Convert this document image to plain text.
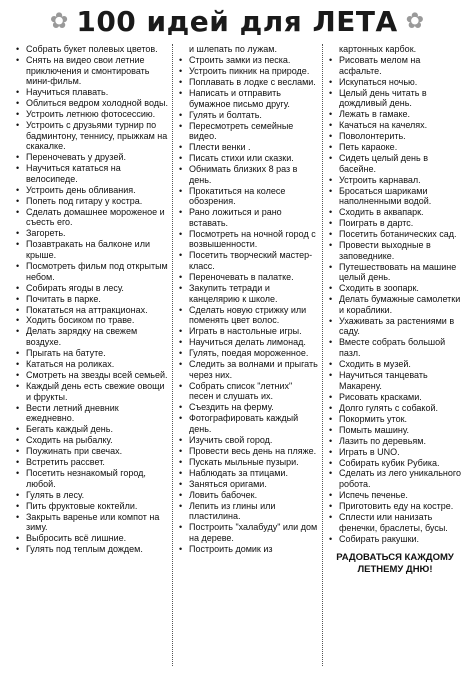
✿ 100 идей для ЛЕТА ✿
• Собрать букет полевых цветов.
• Снять на видео свои летние приключения и смонтировать мини-фильм.
• Научиться плавать.
• Облиться ведром холодной воды.
• Устроить летнюю фотосессию.
• Устроить с друзьями турнир по бадминтону, теннису, прыжкам на скакалке.
• Переночевать у друзей.
• Научиться кататься на велосипеде.
• Устроить день обливания.
• Попеть под гитару у костра.
• Сделать домашнее мороженое и съесть его.
• Загореть.
• Позавтракать на балконе или крыше.
• Посмотреть фильм под открытым небом.
• Собирать ягоды в лесу.
• Почитать в парке.
• Покататься на аттракционах.
• Ходить босиком по траве.
• Делать зарядку на свежем воздухе.
• Прыгать на батуте.
• Кататься на роликах.
• Смотреть на звезды всей семьей.
• Каждый день есть свежие овощи и фрукты.
• Вести летний дневник ежедневно.
• Бегать каждый день.
• Сходить на рыбалку.
• Поужинать при свечах.
• Встретить рассвет.
• Посетить незнакомый город, любой.
• Гулять в лесу.
• Пить фруктовые коктейли.
• Закрыть варенье или компот на зиму.
• Выбросить всё лишние.
• Гулять под теплым дождем.
и шлепать по лужам.
• Строить замки из песка.
• Устроить пикник на природе.
• Поплавать в лодке с веслами.
• Написать и отправить бумажное письмо другу.
• Гулять и болтать.
• Пересмотреть семейные видео.
• Плести венки .
• Писать стихи или сказки.
• Обнимать близких 8 раз в день.
• Прокатиться на колесе обозрения.
• Рано ложиться и рано вставать.
• Посмотреть на ночной город с возвышенности.
• Посетить творческий мастер-класс.
• Переночевать в палатке.
• Закупить тетради и канцелярию к школе.
• Сделать новую стрижку или поменять цвет волос.
• Играть в настольные игры.
• Научиться делать лимонад.
• Гулять, поедая мороженное.
• Следить за волнами и прыгать через них.
• Собрать список "летних" песен и слушать их.
• Съездить на ферму.
• Фотографировать каждый день.
• Изучить свой город.
• Провести весь день на пляже.
• Пускать мыльные пузыри.
• Наблюдать за птицами.
• Заняться оригами.
• Ловить бабочек.
• Лепить из глины или пластилина.
• Построить "халабуду" или дом на дереве.
• Построить домик из
картонных карбок.
• Рисовать мелом на асфальте.
• Искупаться ночью.
• Целый день читать в дождливый день.
• Лежать в гамаке.
• Качаться на качелях.
• Поволонтерить.
• Петь караоке.
• Сидеть целый день в басейне.
• Устроить карнавал.
• Бросаться шариками наполненными водой.
• Сходить в аквапарк.
• Поиграть в дартс.
• Посетить ботанических сад.
• Провести выходные в заповеднике.
• Путешествовать на машине целый день.
• Сходить в зоопарк.
• Делать бумажные самолетки и кораблики.
• Ухаживать за растениями в саду.
• Вместе собрать большой пазл.
• Сходить в музей.
• Научиться танцевать Макарену.
• Рисовать красками.
• Долго гулять с собакой.
• Покормить уток.
• Помыть машину.
• Лазить по деревьям.
• Играть в UNO.
• Собирать кубик Рубика.
• Сделать из лего уникального робота.
• Испечь печенье.
• Приготовить еду на костре.
• Сплести или нанизать фенечки, браслеты, бусы.
• Собирать ракушки.
РАДОВАТЬСЯ КАЖДОМУ
ЛЕТНЕМУ ДНЮ!
